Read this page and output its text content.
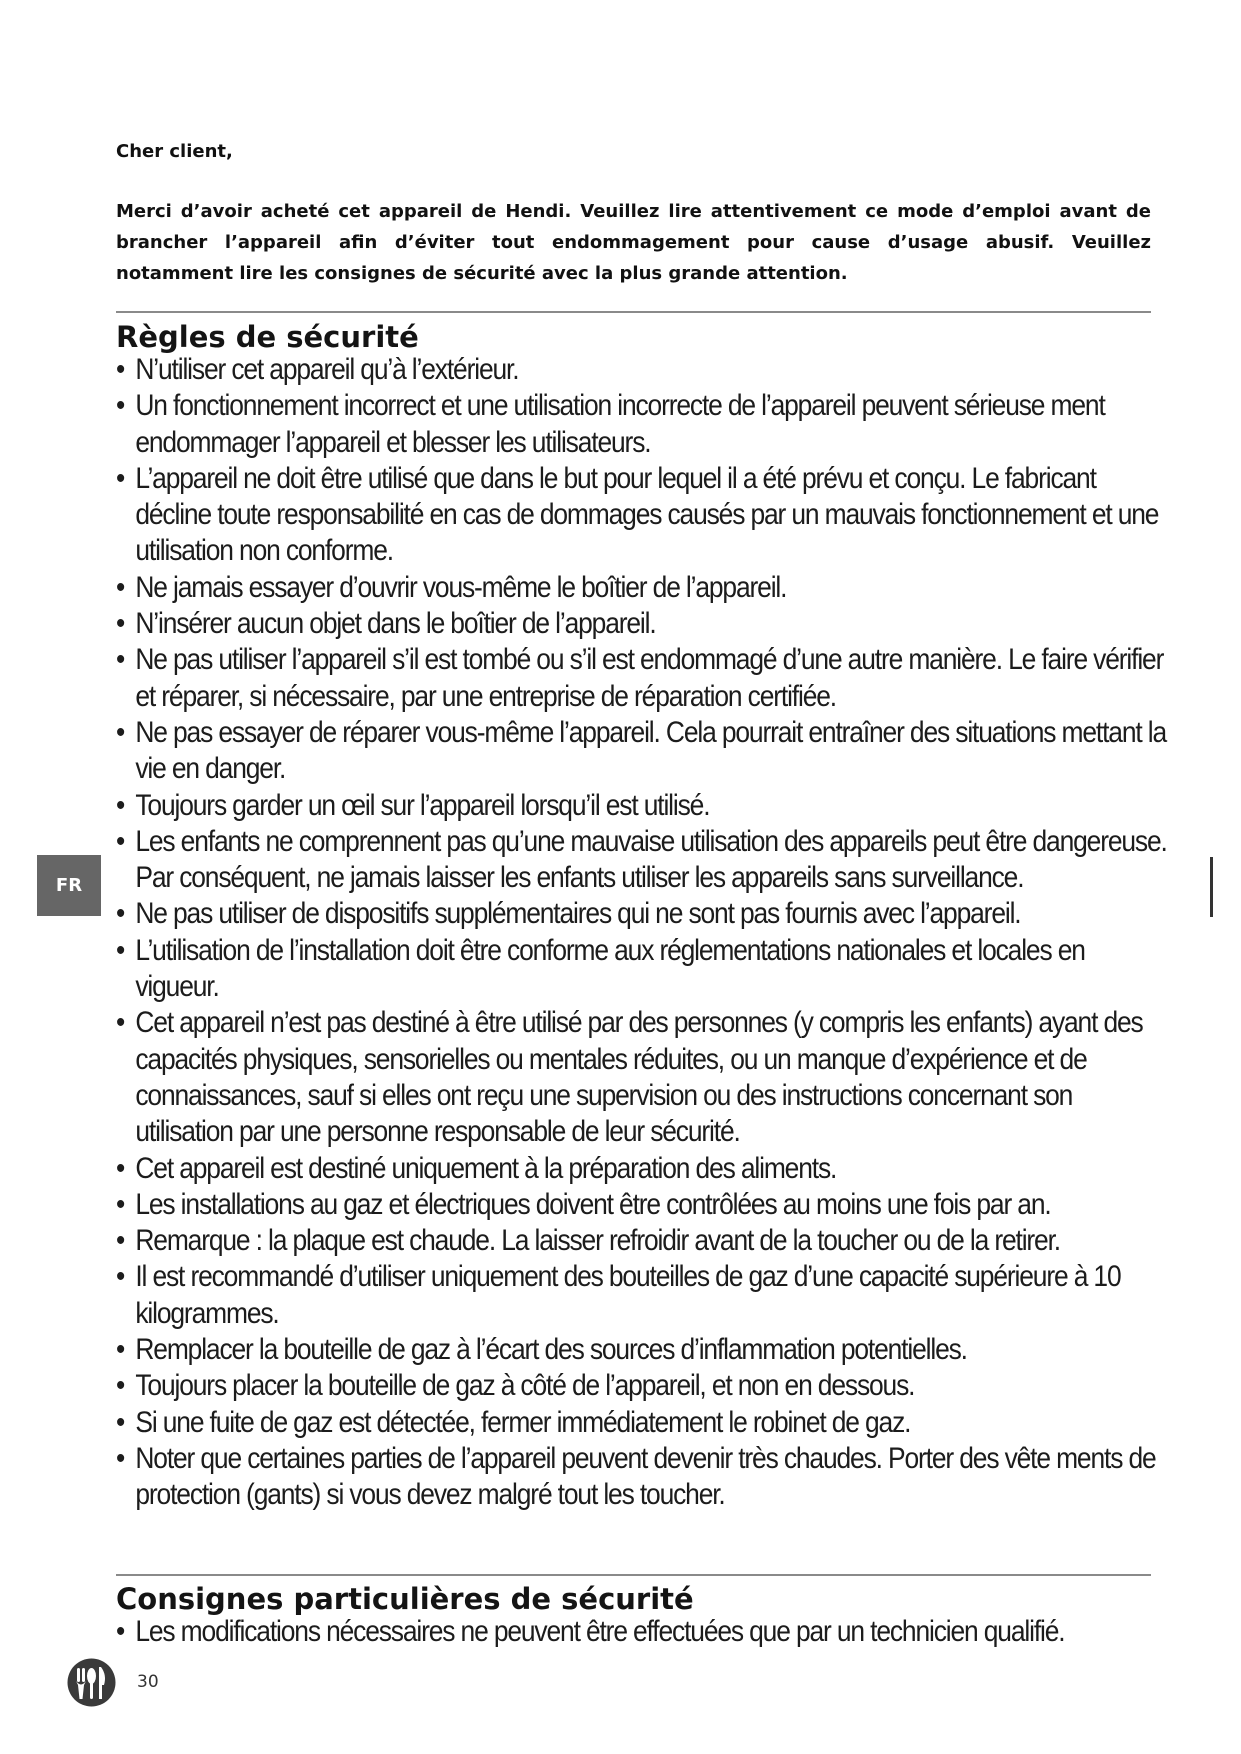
Cher client,
Merci d’avoir acheté cet appareil de Hendi. Veuillez lire attentivement ce mode d’emploi avant de brancher l’appareil afin d’éviter tout endommagement pour cause d’usage abusif. Veuillez notamment lire les consignes de sécurité avec la plus grande attention.
Règles de sécurité
• N’utiliser cet appareil qu’à l’extérieur.
• Un fonctionnement incorrect et une utilisation incorrecte de l’appareil peuvent sérieuse ment endommager l’appareil et blesser les utilisateurs.
• L’appareil ne doit être utilisé que dans le but pour lequel il a été prévu et conçu. Le fabricant décline toute responsabilité en cas de dommages causés par un mauvais fonctionnement et une utilisation non conforme.
• Ne jamais essayer d’ouvrir vous-même le boîtier de l’appareil.
• N’insérer aucun objet dans le boîtier de l’appareil.
• Ne pas utiliser l’appareil s’il est tombé ou s’il est endommagé d’une autre manière. Le faire vérifier et réparer, si nécessaire, par une entreprise de réparation certifiée.
• Ne pas essayer de réparer vous-même l’appareil. Cela pourrait entraîner des situations mettant la vie en danger.
• Toujours garder un œil sur l’appareil lorsqu’il est utilisé.
• Les enfants ne comprennent pas qu’une mauvaise utilisation des appareils peut être dangereuse. Par conséquent, ne jamais laisser les enfants utiliser les appareils sans surveillance.
• Ne pas utiliser de dispositifs supplémentaires qui ne sont pas fournis avec l’appareil.
• L’utilisation de l’installation doit être conforme aux réglementations nationales et locales en vigueur.
• Cet appareil n’est pas destiné à être utilisé par des personnes (y compris les enfants) ayant des capacités physiques, sensorielles ou mentales réduites, ou un manque d’expérience et de connaissances, sauf si elles ont reçu une supervision ou des instructions concernant son utilisation par une personne responsable de leur sécurité.
• Cet appareil est destiné uniquement à la préparation des aliments.
• Les installations au gaz et électriques doivent être contrôlées au moins une fois par an.
• Remarque : la plaque est chaude. La laisser refroidir avant de la toucher ou de la retirer.
• Il est recommandé d’utiliser uniquement des bouteilles de gaz d’une capacité supérieure à 10 kilogrammes.
• Remplacer la bouteille de gaz à l’écart des sources d’inflammation potentielles.
• Toujours placer la bouteille de gaz à côté de l’appareil, et non en dessous.
• Si une fuite de gaz est détectée, fermer immédiatement le robinet de gaz.
• Noter que certaines parties de l’appareil peuvent devenir très chaudes. Porter des vête ments de protection (gants) si vous devez malgré tout les toucher.
Consignes particulières de sécurité
• Les modifications nécessaires ne peuvent être effectuées que par un technicien qualifié.
FR
30
